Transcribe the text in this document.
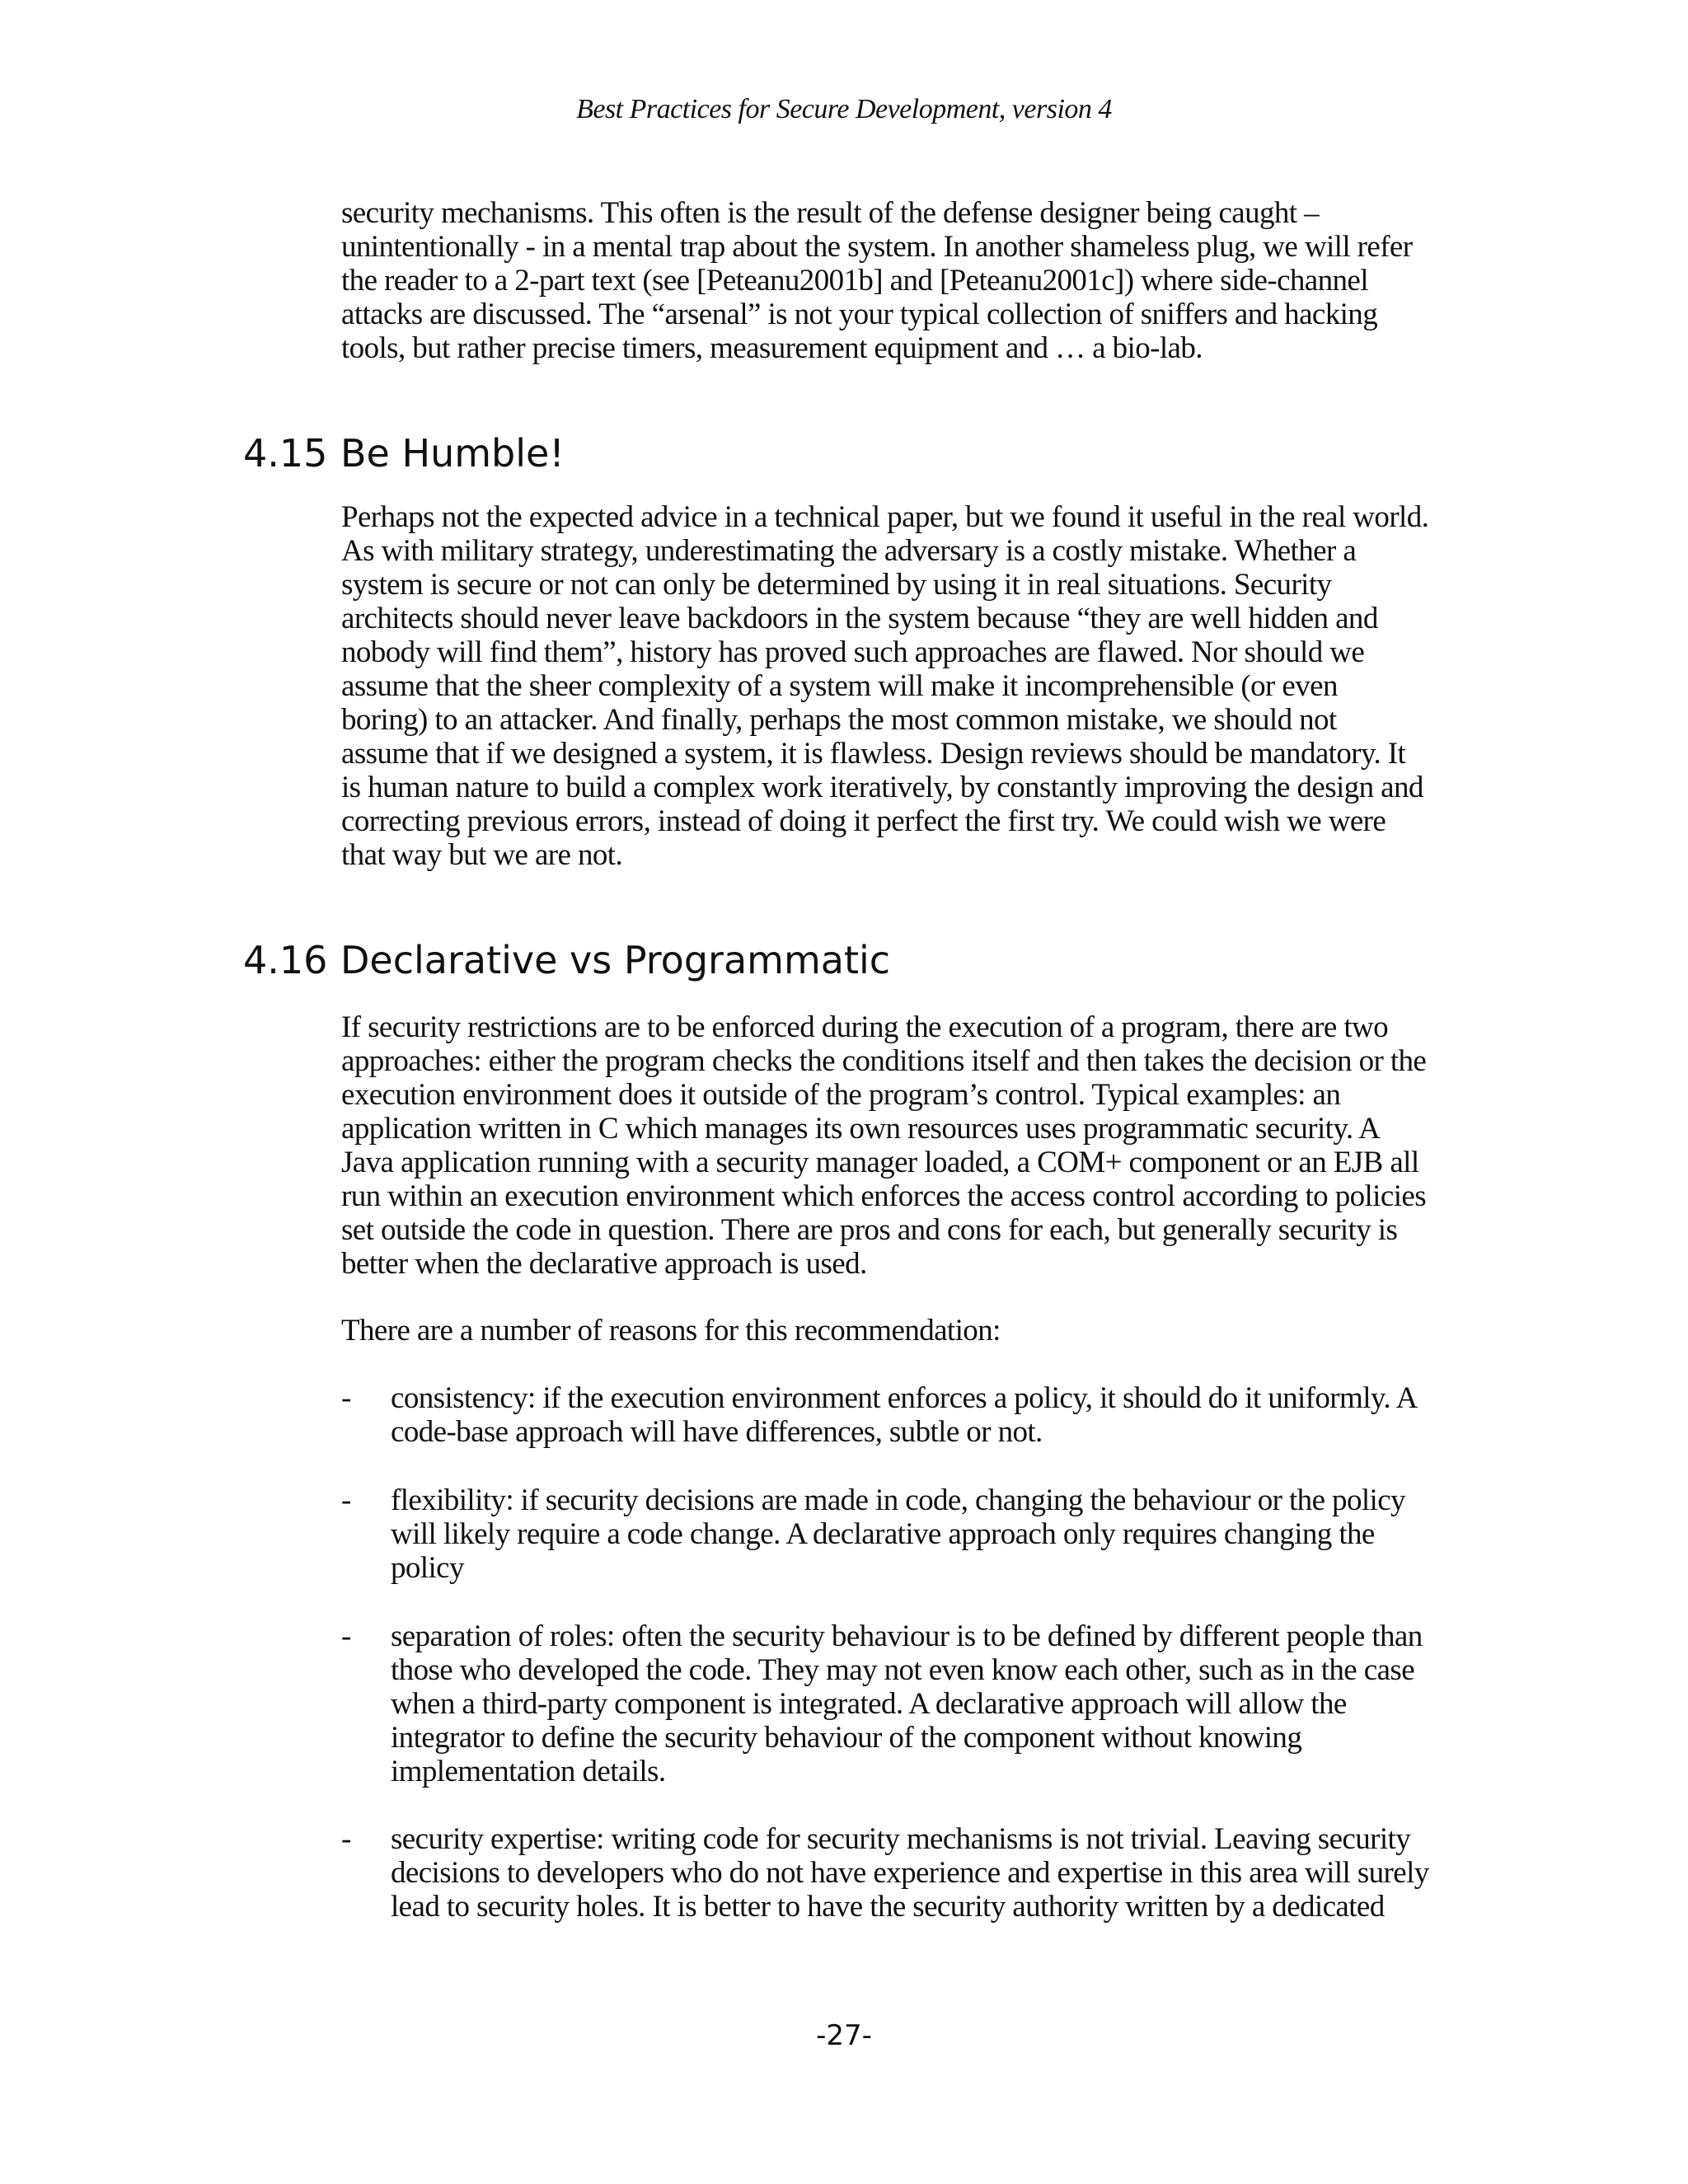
Best Practices for Secure Development, version 4

security mechanisms. This often is the result of the defense designer being caught – unintentionally - in a mental trap about the system. In another shameless plug, we will refer the reader to a 2-part text (see [Peteanu2001b] and [Peteanu2001c]) where side-channel attacks are discussed. The “arsenal” is not your typical collection of sniffers and hacking tools, but rather precise timers, measurement equipment and … a bio-lab.

4.15 Be Humble!

Perhaps not the expected advice in a technical paper, but we found it useful in the real world. As with military strategy, underestimating the adversary is a costly mistake. Whether a system is secure or not can only be determined by using it in real situations. Security architects should never leave backdoors in the system because “they are well hidden and nobody will find them”, history has proved such approaches are flawed. Nor should we assume that the sheer complexity of a system will make it incomprehensible (or even boring) to an attacker. And finally, perhaps the most common mistake, we should not assume that if we designed a system, it is flawless. Design reviews should be mandatory. It is human nature to build a complex work iteratively, by constantly improving the design and correcting previous errors, instead of doing it perfect the first try. We could wish we were that way but we are not.

4.16 Declarative vs Programmatic

If security restrictions are to be enforced during the execution of a program, there are two approaches: either the program checks the conditions itself and then takes the decision or the execution environment does it outside of the program’s control. Typical examples: an application written in C which manages its own resources uses programmatic security. A Java application running with a security manager loaded, a COM+ component or an EJB all run within an execution environment which enforces the access control according to policies set outside the code in question. There are pros and cons for each, but generally security is better when the declarative approach is used.

There are a number of reasons for this recommendation:

- consistency: if the execution environment enforces a policy, it should do it uniformly. A code-base approach will have differences, subtle or not.
- flexibility: if security decisions are made in code, changing the behaviour or the policy will likely require a code change. A declarative approach only requires changing the policy
- separation of roles: often the security behaviour is to be defined by different people than those who developed the code. They may not even know each other, such as in the case when a third-party component is integrated. A declarative approach will allow the integrator to define the security behaviour of the component without knowing implementation details.
- security expertise: writing code for security mechanisms is not trivial. Leaving security decisions to developers who do not have experience and expertise in this area will surely lead to security holes. It is better to have the security authority written by a dedicated
-27-
